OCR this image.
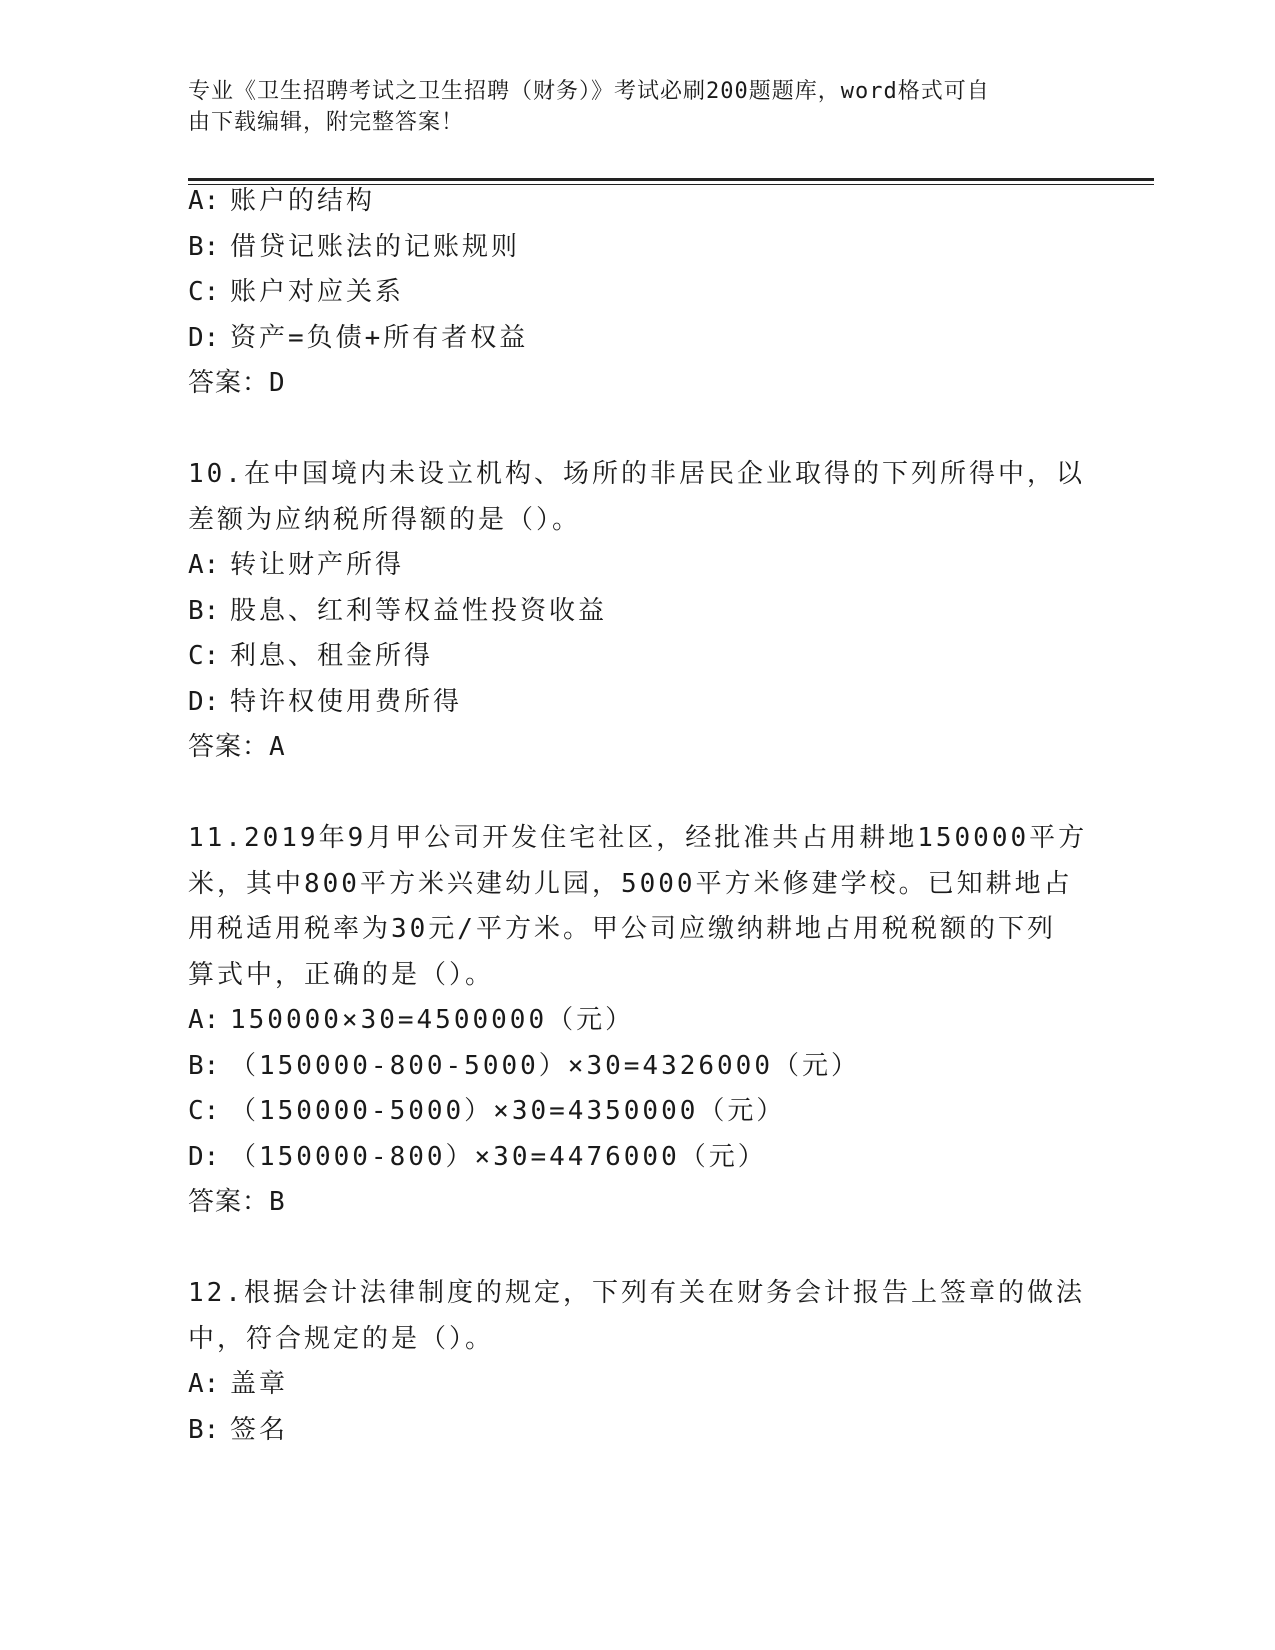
专业《卫生招聘考试之卫生招聘（财务）》考试必刷200题题库，word格式可自
由下载编辑，附完整答案！
A: 账户的结构
B: 借贷记账法的记账规则
C: 账户对应关系
D: 资产=负债+所有者权益
答案：D
10.在中国境内未设立机构、场所的非居民企业取得的下列所得中，以
差额为应纳税所得额的是（）。
A: 转让财产所得
B: 股息、红利等权益性投资收益
C: 利息、租金所得
D: 特许权使用费所得
答案：A
11.2019年9月甲公司开发住宅社区，经批准共占用耕地150000平方
米，其中800平方米兴建幼儿园，5000平方米修建学校。已知耕地占
用税适用税率为30元/平方米。甲公司应缴纳耕地占用税税额的下列
算式中，正确的是（）。
A: 150000×30=4500000（元）
B: （150000-800-5000）×30=4326000（元）
C: （150000-5000）×30=4350000（元）
D: （150000-800）×30=4476000（元）
答案：B
12.根据会计法律制度的规定，下列有关在财务会计报告上签章的做法
中，符合规定的是（）。
A: 盖章
B: 签名
